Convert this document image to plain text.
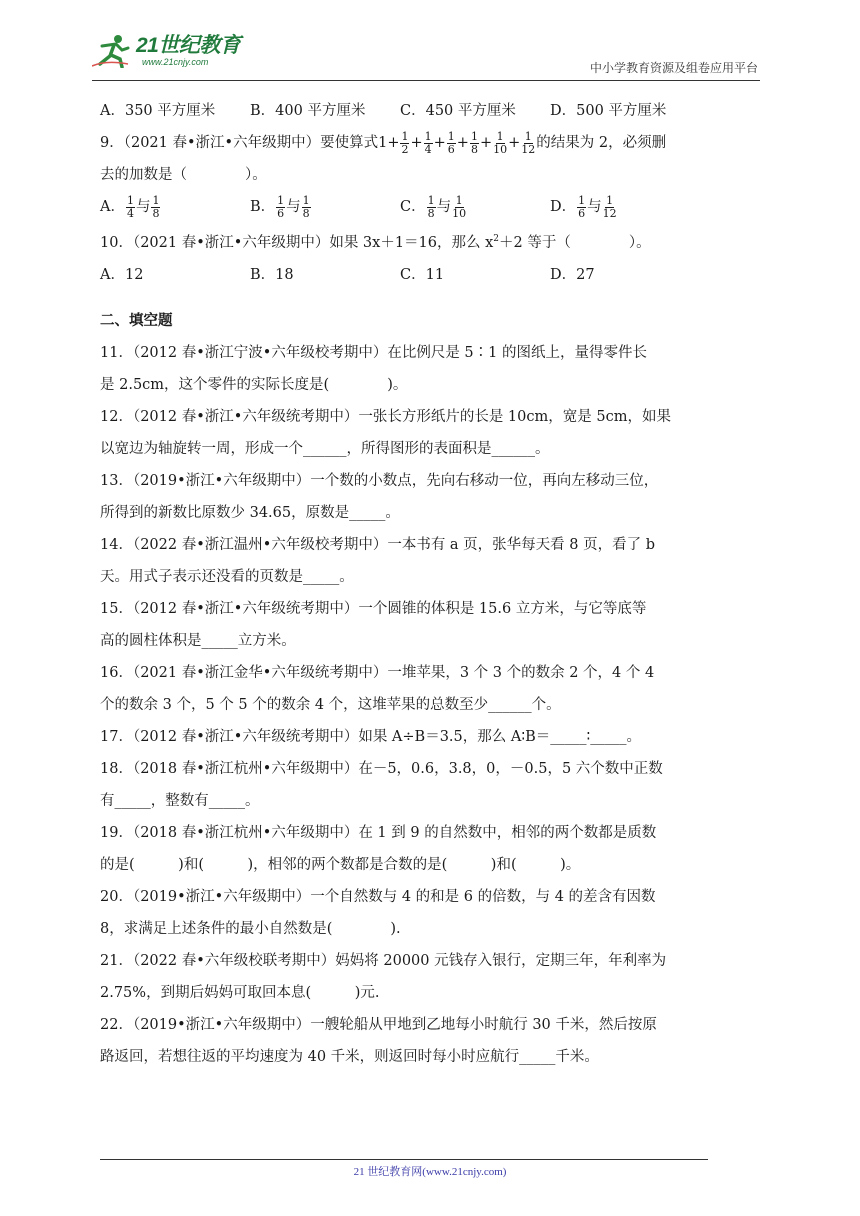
21世纪教育
www.21cnjy.com	中小学教育资源及组卷应用平台
A．350 平方厘米	B．400 平方厘米	C．450 平方厘米	D．500 平方厘米
9．（2021 春•浙江•六年级期中）要使算式$1+ \frac{1}{2} + \frac{1}{4} + \frac{1}{6} + \frac{1}{8} + \frac{1}{10} + \frac{1}{12}$ 的结果为 2，必须删
去的加数是（　　　　）。
A． $\frac{1}{4}$ 与 $\frac{1}{8}$	B． $\frac{1}{6}$ 与 $\frac{1}{8}$	C． $\frac{1}{8}$ 与 $\frac{1}{10}$	D． $\frac{1}{6}$ 与 $\frac{1}{12}$
10．（2021 春•浙江•六年级期中）如果 3x＋1＝16，那么 $x^2+2$ 等于（　　　　）。
A．12	B．18	C．11	D．27
二、填空题
11．（2012 春•浙江宁波•六年级校考期中）在比例尺是 5∶1 的图纸上，量得零件长
是 2.5cm，这个零件的实际长度是(　　　　)。
12．（2012 春•浙江•六年级统考期中）一张长方形纸片的长是 10cm，宽是 5cm，如果
以宽边为轴旋转一周，形成一个______，所得图形的表面积是______。
13．（2019•浙江•六年级期中）一个数的小数点，先向右移动一位，再向左移动三位，
所得到的新数比原数少 34.65，原数是_____。
14．（2022 春•浙江温州•六年级校考期中）一本书有 a 页，张华每天看 8 页，看了 b
天。用式子表示还没看的页数是_____。
15．（2012 春•浙江•六年级统考期中）一个圆锥的体积是 15.6 立方米，与它等底等
高的圆柱体积是_____立方米。
16．（2021 春•浙江金华•六年级统考期中）一堆苹果，3 个 3 个的数余 2 个，4 个 4
个的数余 3 个，5 个 5 个的数余 4 个，这堆苹果的总数至少______个。
17．（2012 春•浙江•六年级统考期中）如果 A÷B＝3.5，那么 A∶B＝_____∶_____。
18．（2018 春•浙江杭州•六年级期中）在－5，0.6，3.8，0，－0.5，5 六个数中正数
有_____，整数有_____。
19．（2018 春•浙江杭州•六年级期中）在 1 到 9 的自然数中，相邻的两个数都是质数
的是(　　　)和(　　　)，相邻的两个数都是合数的是(　　　)和(　　　)。
20．（2019•浙江•六年级期中）一个自然数与 4 的和是 6 的倍数，与 4 的差含有因数
8，求满足上述条件的最小自然数是(　　　　).
21．（2022 春•六年级校联考期中）妈妈将 20000 元钱存入银行，定期三年，年利率为
2.75%，到期后妈妈可取回本息(　　　)元.
22．（2019•浙江•六年级期中）一艘轮船从甲地到乙地每小时航行 30 千米，然后按原
路返回，若想往返的平均速度为 40 千米，则返回时每小时应航行_____千米。
21 世纪教育网(www.21cnjy.com)
